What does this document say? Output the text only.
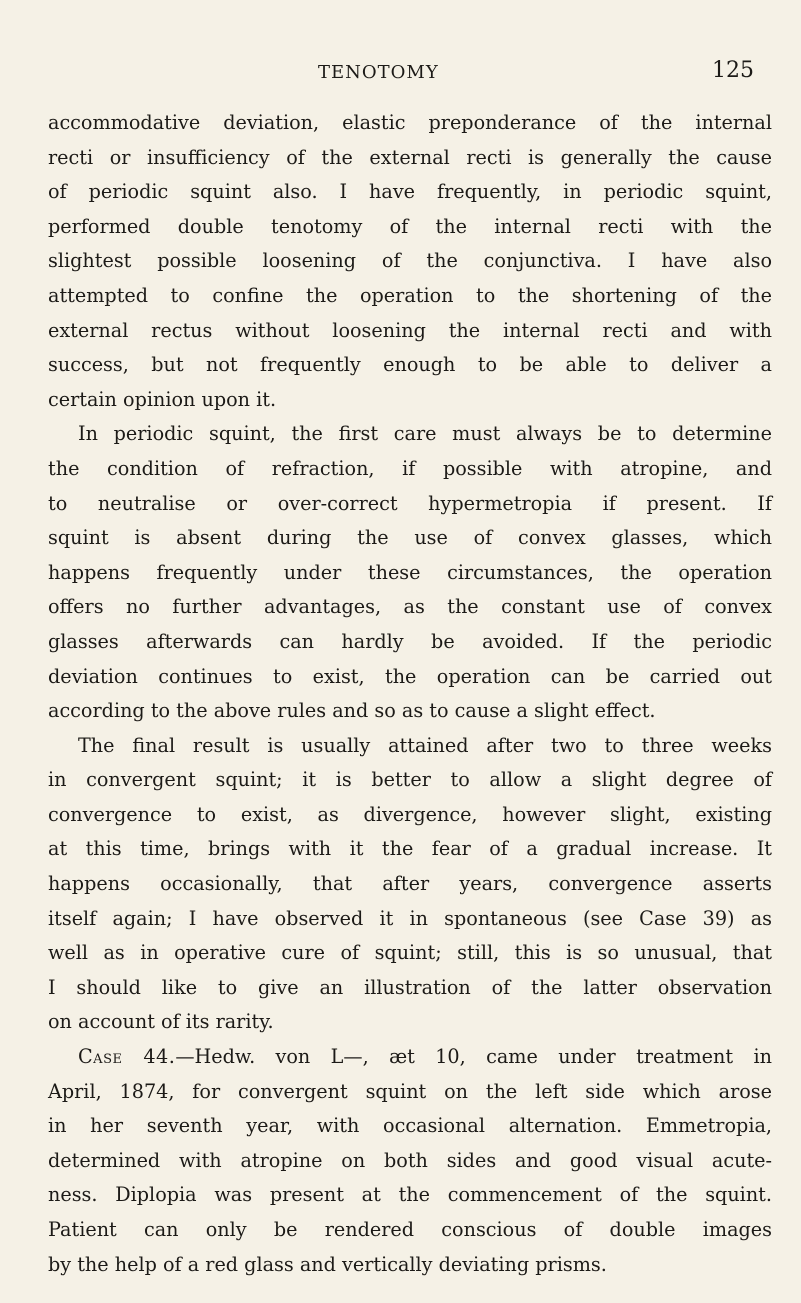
TENOTOMY	125
accommodative deviation, elastic preponderance of the internal
recti or insufficiency of the external recti is generally the cause
of periodic squint also. I have frequently, in periodic squint,
performed double tenotomy of the internal recti with the
slightest possible loosening of the conjunctiva. I have also
attempted to confine the operation to the shortening of the
external rectus without loosening the internal recti and with
success, but not frequently enough to be able to deliver a
certain opinion upon it.
In periodic squint, the first care must always be to determine
the condition of refraction, if possible with atropine, and
to neutralise or over-correct hypermetropia if present. If
squint is absent during the use of convex glasses, which
happens frequently under these circumstances, the operation
offers no further advantages, as the constant use of convex
glasses afterwards can hardly be avoided. If the periodic
deviation continues to exist, the operation can be carried out
according to the above rules and so as to cause a slight effect.
The final result is usually attained after two to three weeks
in convergent squint; it is better to allow a slight degree of
convergence to exist, as divergence, however slight, existing
at this time, brings with it the fear of a gradual increase. It
happens occasionally, that after years, convergence asserts
itself again; I have observed it in spontaneous (see Case 39) as
well as in operative cure of squint; still, this is so unusual, that
I should like to give an illustration of the latter observation
on account of its rarity.
Case 44.—Hedw. von L—, æt 10, came under treatment in
April, 1874, for convergent squint on the left side which arose
in her seventh year, with occasional alternation. Emmetropia,
determined with atropine on both sides and good visual acute-
ness. Diplopia was present at the commencement of the squint.
Patient can only be rendered conscious of double images
by the help of a red glass and vertically deviating prisms.
